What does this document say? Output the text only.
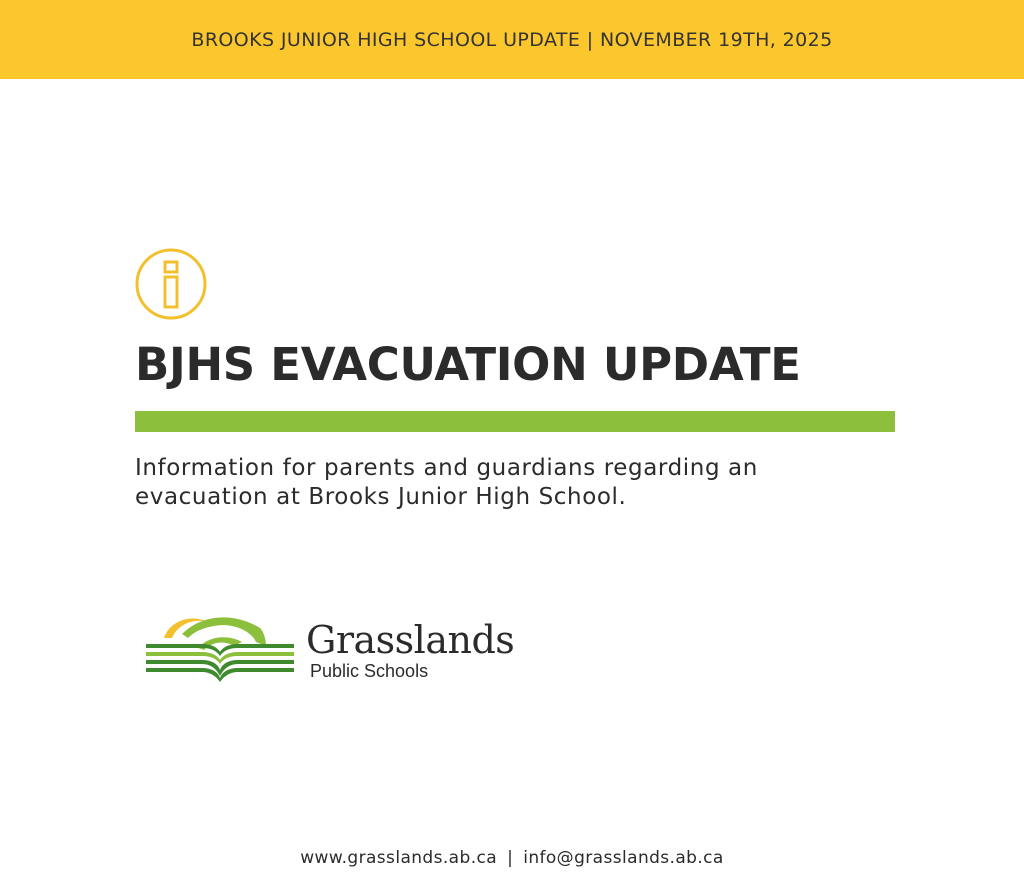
BROOKS JUNIOR HIGH SCHOOL UPDATE | NOVEMBER 19TH, 2025
BJHS EVACUATION UPDATE

Information for parents and guardians regarding an evacuation at Brooks Junior High School.

Grasslands
Public Schools
www.grasslands.ab.ca | info@grasslands.ab.ca
